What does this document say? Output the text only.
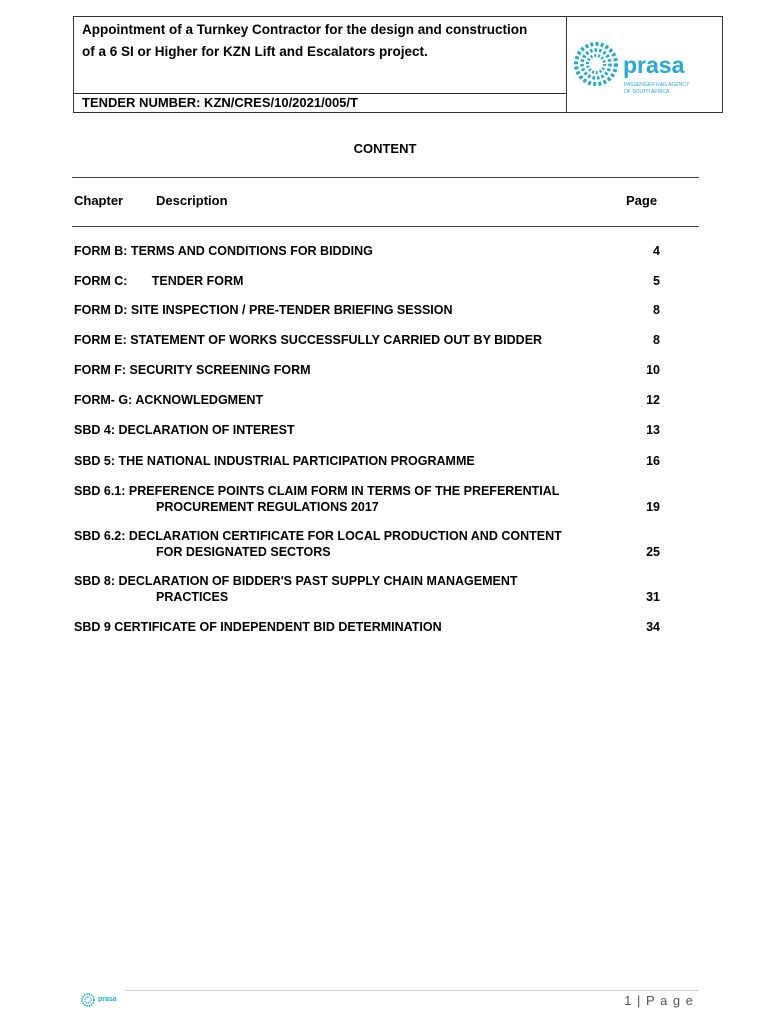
Appointment of a Turnkey Contractor for the design and construction
of a 6 SI or Higher for KZN Lift and Escalators project.
TENDER NUMBER: KZN/CRES/10/2021/005/T
prasa
PASSENGER RAIL AGENCY
OF SOUTH AFRICA
CONTENT
Chapter	Description	Page
FORM B: TERMS AND CONDITIONS FOR BIDDING	4
FORM C:       TENDER FORM	5
FORM D: SITE INSPECTION / PRE-TENDER BRIEFING SESSION	8
FORM E: STATEMENT OF WORKS SUCCESSFULLY CARRIED OUT BY BIDDER	8
FORM F: SECURITY SCREENING FORM	10
FORM- G: ACKNOWLEDGMENT	12
SBD 4: DECLARATION OF INTEREST	13
SBD 5: THE NATIONAL INDUSTRIAL PARTICIPATION PROGRAMME	16
SBD 6.1: PREFERENCE POINTS CLAIM FORM IN TERMS OF THE PREFERENTIAL
PROCUREMENT REGULATIONS 2017	19
SBD 6.2: DECLARATION CERTIFICATE FOR LOCAL PRODUCTION AND CONTENT
FOR DESIGNATED SECTORS	25
SBD 8: DECLARATION OF BIDDER'S PAST SUPPLY CHAIN MANAGEMENT
PRACTICES	31
SBD 9 CERTIFICATE OF INDEPENDENT BID DETERMINATION	34
prasa	1 | P a g e
